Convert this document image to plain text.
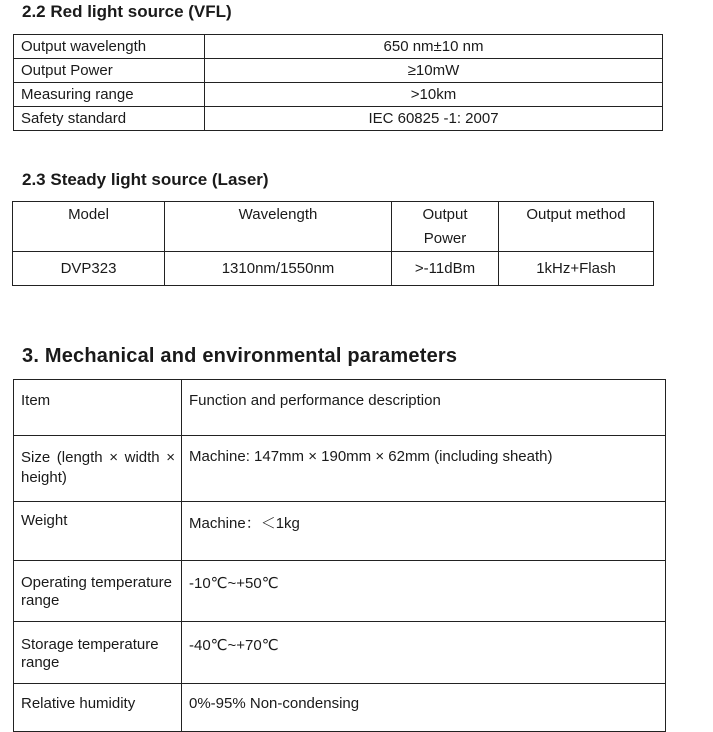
2.2 Red light source (VFL)
Output wavelength	650 nm±10 nm
Output Power	≥10mW
Measuring range	>10km
Safety standard	IEC 60825 -1: 2007
2.3 Steady light source (Laser)
Model	Wavelength	Output Power	Output method
DVP323	1310nm/1550nm	>-11dBm	1kHz+Flash
3. Mechanical and environmental parameters
Item	Function and performance description
Size (length × width × height)	Machine: 147mm × 190mm × 62mm (including sheath)
Weight	Machine：＜1kg
Operating temperature range	-10℃~+50℃
Storage temperature range	-40℃~+70℃
Relative humidity	0%-95% Non-condensing
